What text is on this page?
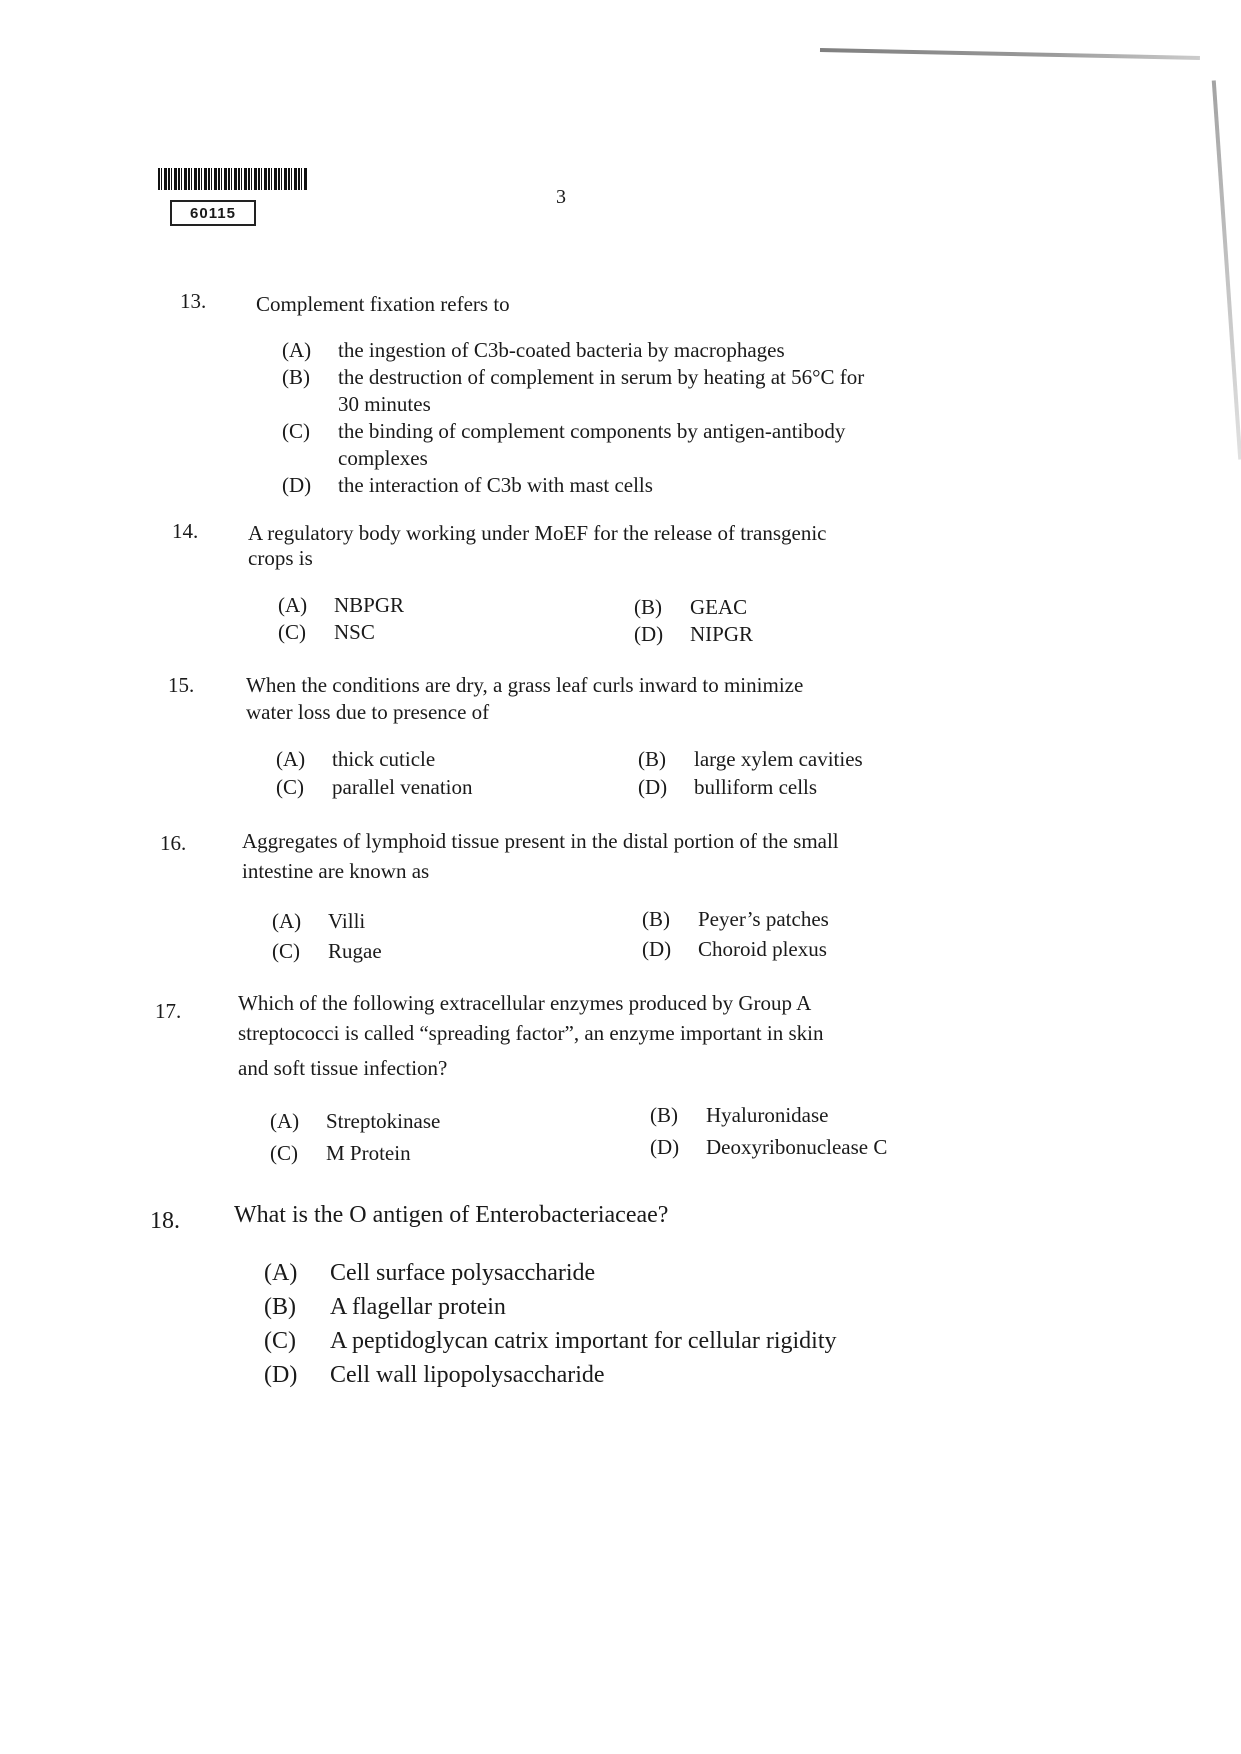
60115
3
13. Complement fixation refers to
(A) the ingestion of C3b-coated bacteria by macrophages
(B) the destruction of complement in serum by heating at 56°C for
30 minutes
(C) the binding of complement components by antigen-antibody
complexes
(D) the interaction of C3b with mast cells
14. A regulatory body working under MoEF for the release of transgenic
crops is
(A) NBPGR	(B) GEAC
(C) NSC	(D) NIPGR
15. When the conditions are dry, a grass leaf curls inward to minimize
water loss due to presence of
(A) thick cuticle	(B) large xylem cavities
(C) parallel venation	(D) bulliform cells
16.	Aggregates of lymphoid tissue present in the distal portion of the small
intestine are known as
(A) Villi	(B) Peyer’s patches
(C) Rugae	(D) Choroid plexus
17.	Which of the following extracellular enzymes produced by Group A
streptococci is called “spreading factor”, an enzyme important in skin
and soft tissue infection?
(A) Streptokinase	(B) Hyaluronidase
(C) M Protein	(D) Deoxyribonuclease C
18. What is the O antigen of Enterobacteriaceae?
(A) Cell surface polysaccharide
(B) A flagellar protein
(C) A peptidoglycan catrix important for cellular rigidity
(D) Cell wall lipopolysaccharide
